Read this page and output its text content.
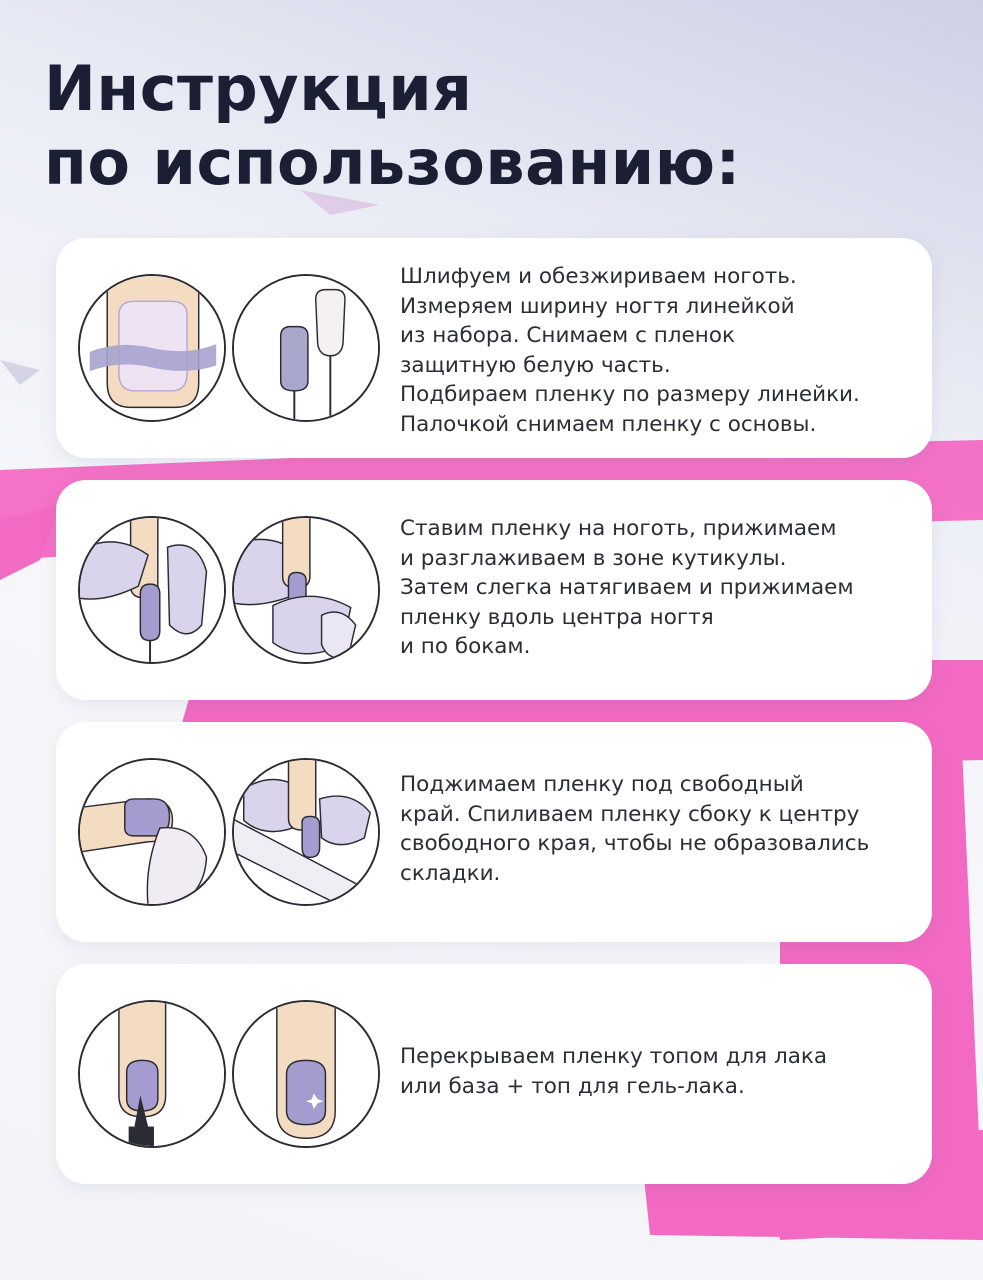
Инструкция
по использованию:
Шлифуем и обезжириваем ноготь.
Измеряем ширину ногтя линейкой
из набора. Снимаем с пленок
защитную белую часть.
Подбираем пленку по размеру линейки.
Палочкой снимаем пленку с основы.
Ставим пленку на ноготь, прижимаем
и разглаживаем в зоне кутикулы.
Затем слегка натягиваем и прижимаем
пленку вдоль центра ногтя
и по бокам.
Поджимаем пленку под свободный
край. Спиливаем пленку сбоку к центру
свободного края, чтобы не образовались
складки.
Перекрываем пленку топом для лака
или база + топ для гель-лака.
